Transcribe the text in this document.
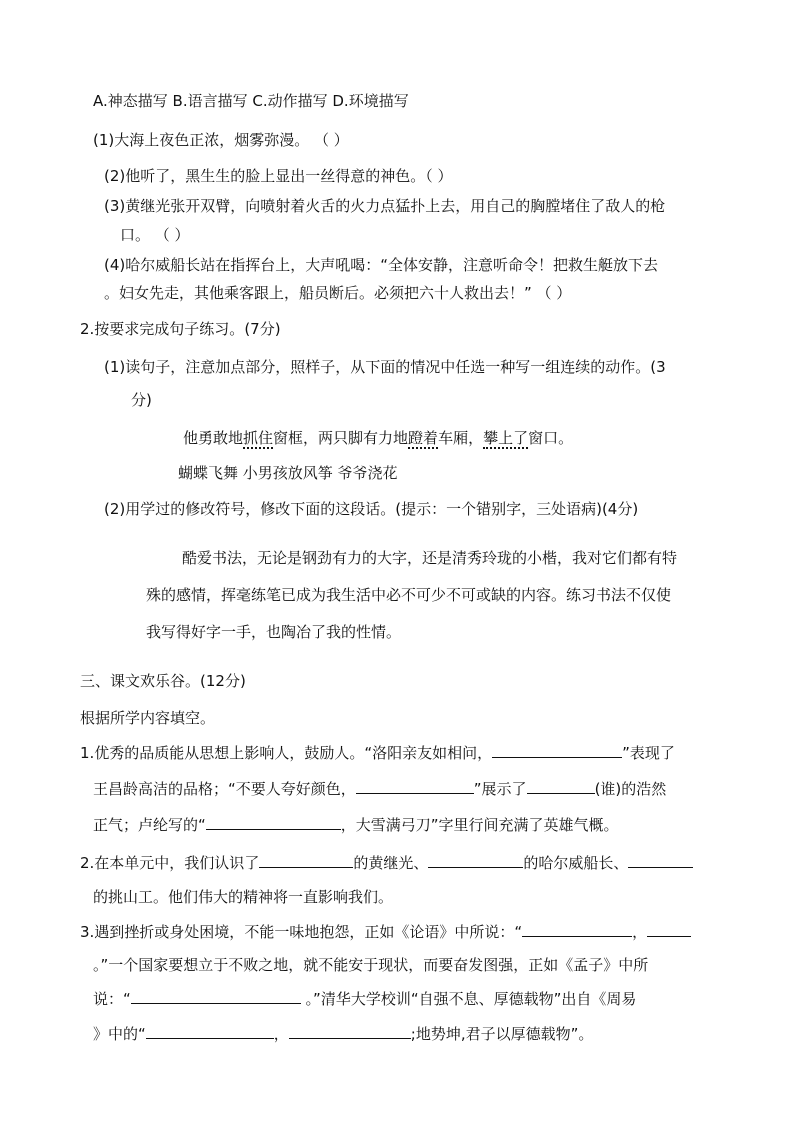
A.神态描写 B.语言描写 C.动作描写 D.环境描写
(1)大海上夜色正浓，烟雾弥漫。 （ ）
(2)他听了，黑生生的脸上显出一丝得意的神色。（ ）
(3)黄继光张开双臂，向喷射着火舌的火力点猛扑上去，用自己的胸膛堵住了敌人的枪
口。 （ ）
(4)哈尔威船长站在指挥台上，大声吼喝：“全体安静，注意听命令！把救生艇放下去
。妇女先走，其他乘客跟上，船员断后。必须把六十人救出去！” （ ）
2.按要求完成句子练习。(7分)
(1)读句子，注意加点部分，照样子，从下面的情况中任选一种写一组连续的动作。(3
分)
他勇敢地抓住窗框，两只脚有力地蹬着车厢，攀上了窗口。
蝴蝶飞舞 小男孩放风筝 爷爷浇花
(2)用学过的修改符号，修改下面的这段话。(提示：一个错别字，三处语病)(4分)
酷爱书法，无论是钢劲有力的大字，还是清秀玲珑的小楷，我对它们都有特
殊的感情，挥毫练笔已成为我生活中必不可少不可或缺的内容。练习书法不仅使
我写得好字一手，也陶冶了我的性情。
三、课文欢乐谷。(12分)
根据所学内容填空。
1.优秀的品质能从思想上影响人，鼓励人。“洛阳亲友如相问，	”表现了
王昌龄高洁的品格；“不要人夸好颜色，	”展示了	(谁)的浩然
正气；卢纶写的“	，大雪满弓刀”字里行间充满了英雄气概。
2.在本单元中，我们认识了	的黄继光、	的哈尔威船长、
的挑山工。他们伟大的精神将一直影响我们。
3.遇到挫折或身处困境，不能一味地抱怨，正如《论语》中所说：“	，
。”一个国家要想立于不败之地，就不能安于现状，而要奋发图强，正如《孟子》中所
说：“	。”清华大学校训“自强不息、厚德载物”出自《周易
》中的“	，	;地势坤,君子以厚德载物”。
